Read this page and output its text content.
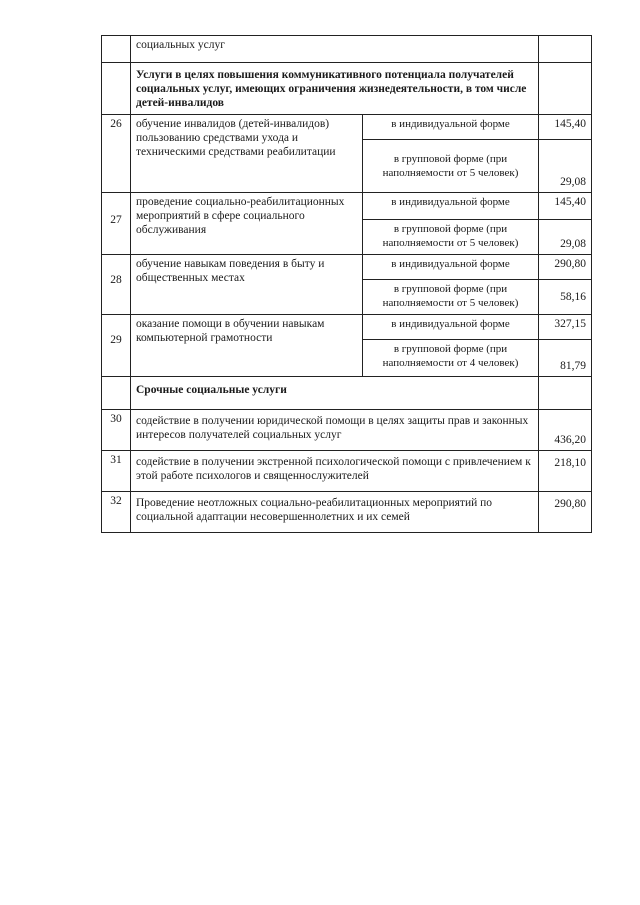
	социальных услуг		
	Услуги в целях повышения коммуникативного потенциала получателей социальных услуг, имеющих ограничения жизнедеятельности, в том числе детей-инвалидов		
26	обучение инвалидов (детей-инвалидов) пользованию средствами ухода и техническими средствами реабилитации	в индивидуальной форме	145,40
		в групповой форме (при наполняемости от 5 человек)	29,08
27	проведение социально-реабилитационных мероприятий в сфере социального обслуживания	в индивидуальной форме	145,40
		в групповой форме (при наполняемости от 5 человек)	29,08
28	обучение навыкам поведения в быту и общественных местах	в индивидуальной форме	290,80
		в групповой форме (при наполняемости от 5 человек)	58,16
29	оказание помощи в обучении навыкам компьютерной грамотности	в индивидуальной форме	327,15
		в групповой форме (при наполняемости от 4 человек)	81,79
	Срочные социальные услуги		
30	содействие в получении юридической помощи в целях защиты прав и законных интересов получателей социальных услуг		436,20
31	содействие в получении экстренной психологической помощи с привлечением к этой работе психологов и священнослужителей		218,10
32	Проведение неотложных социально-реабилитационных мероприятий по социальной адаптации несовершеннолетних и их семей		290,80
